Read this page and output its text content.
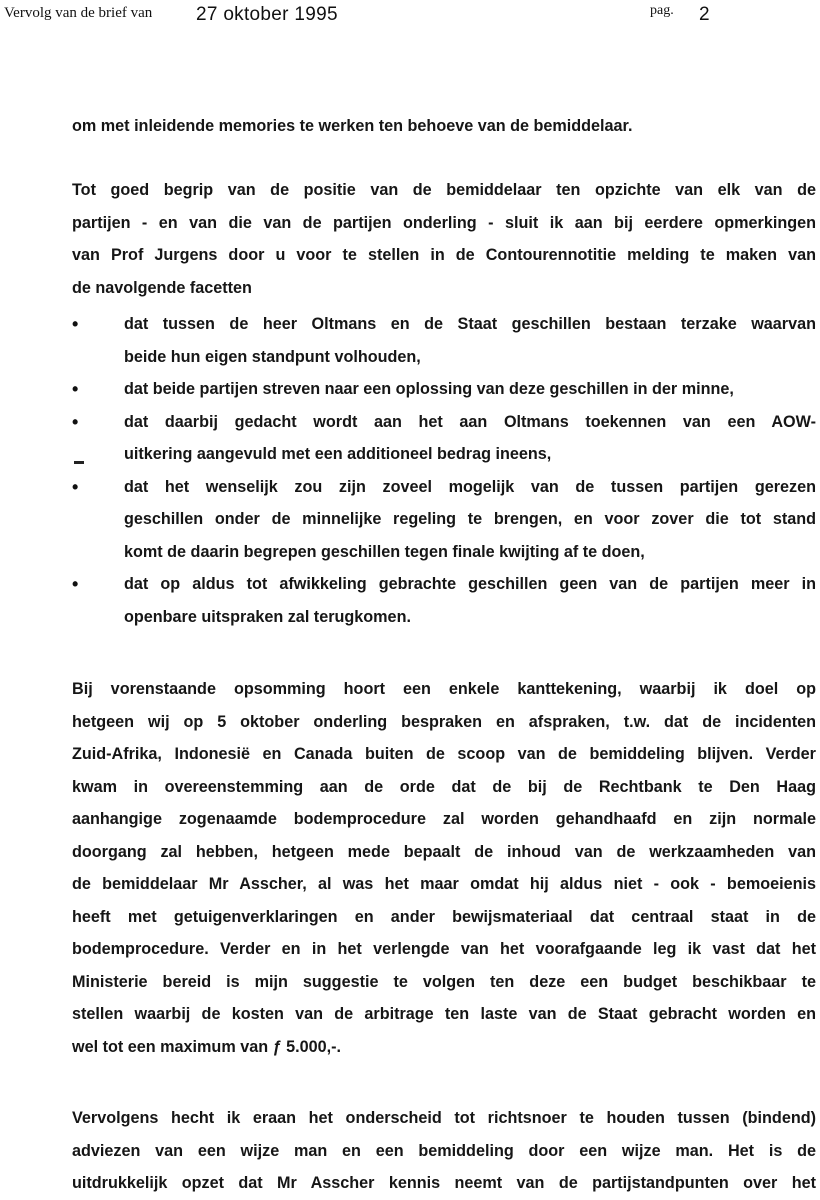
Vervolg van de brief van 27 oktober 1995	pag. 2
om met inleidende memories te werken ten behoeve van de bemiddelaar.
Tot goed begrip van de positie van de bemiddelaar ten opzichte van elk van de
partijen - en van die van de partijen onderling - sluit ik aan bij eerdere opmerkingen
van Prof Jurgens door u voor te stellen in de Contourennotitie melding te maken van
de navolgende facetten
•	dat tussen de heer Oltmans en de Staat geschillen bestaan terzake waarvan
beide hun eigen standpunt volhouden,
•	dat beide partijen streven naar een oplossing van deze geschillen in der minne,
•	dat daarbij gedacht wordt aan het aan Oltmans toekennen van een AOW-
uitkering aangevuld met een additioneel bedrag ineens,
•	dat het wenselijk zou zijn zoveel mogelijk van de tussen partijen gerezen
geschillen onder de minnelijke regeling te brengen, en voor zover die tot stand
komt de daarin begrepen geschillen tegen finale kwijting af te doen,
•	dat op aldus tot afwikkeling gebrachte geschillen geen van de partijen meer in
openbare uitspraken zal terugkomen.
Bij vorenstaande opsomming hoort een enkele kanttekening, waarbij ik doel op
hetgeen wij op 5 oktober onderling bespraken en afspraken, t.w. dat de incidenten
Zuid-Afrika, Indonesië en Canada buiten de scoop van de bemiddeling blijven. Verder
kwam in overeenstemming aan de orde dat de bij de Rechtbank te Den Haag
aanhangige zogenaamde bodemprocedure zal worden gehandhaafd en zijn normale
doorgang zal hebben, hetgeen mede bepaalt de inhoud van de werkzaamheden van
de bemiddelaar Mr Asscher, al was het maar omdat hij aldus niet - ook - bemoeienis
heeft met getuigenverklaringen en ander bewijsmateriaal dat centraal staat in de
bodemprocedure. Verder en in het verlengde van het voorafgaande leg ik vast dat het
Ministerie bereid is mijn suggestie te volgen ten deze een budget beschikbaar te
stellen waarbij de kosten van de arbitrage ten laste van de Staat gebracht worden en
wel tot een maximum van ƒ 5.000,-.
Vervolgens hecht ik eraan het onderscheid tot richtsnoer te houden tussen (bindend)
adviezen van een wijze man en een bemiddeling door een wijze man. Het is de
uitdrukkelijk opzet dat Mr Asscher kennis neemt van de partijstandpunten over het
